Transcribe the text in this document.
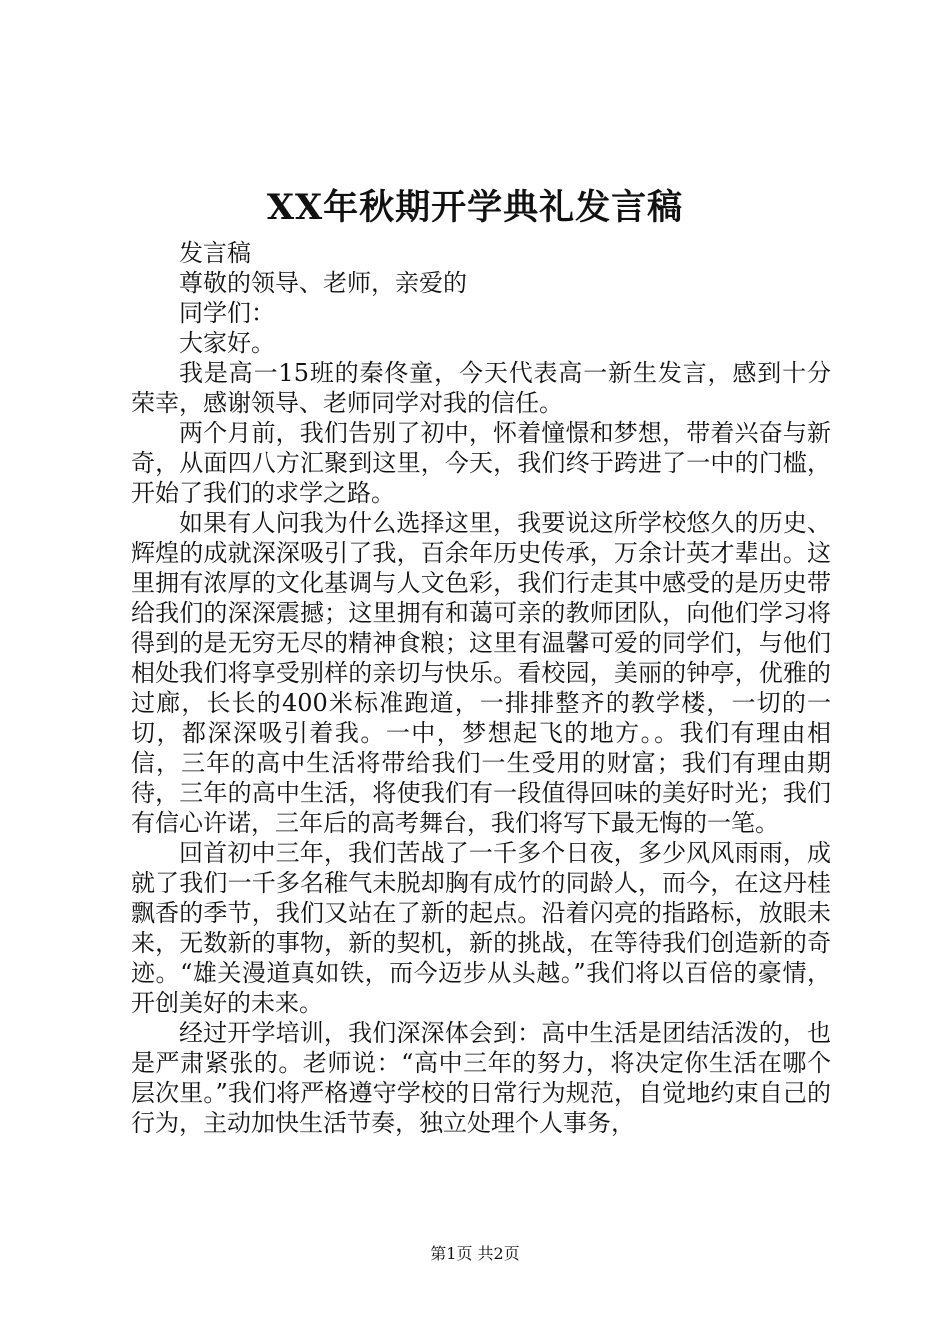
XX年秋期开学典礼发言稿

发言稿

尊敬的领导、老师，亲爱的

同学们：

大家好。

我是高一15班的秦佟童，今天代表高一新生发言，感到十分荣幸，感谢领导、老师同学对我的信任。

两个月前，我们告别了初中，怀着憧憬和梦想，带着兴奋与新奇，从面四八方汇聚到这里，今天，我们终于跨进了一中的门槛，开始了我们的求学之路。

如果有人问我为什么选择这里，我要说这所学校悠久的历史、辉煌的成就深深吸引了我，百余年历史传承，万余计英才辈出。这里拥有浓厚的文化基调与人文色彩，我们行走其中感受的是历史带给我们的深深震撼；这里拥有和蔼可亲的教师团队，向他们学习将得到的是无穷无尽的精神食粮；这里有温馨可爱的同学们，与他们相处我们将享受别样的亲切与快乐。看校园，美丽的钟亭，优雅的过廊，长长的400米标准跑道，一排排整齐的教学楼，一切的一切，都深深吸引着我。一中，梦想起飞的地方。。我们有理由相信，三年的高中生活将带给我们一生受用的财富；我们有理由期待，三年的高中生活，将使我们有一段值得回味的美好时光；我们有信心许诺，三年后的高考舞台，我们将写下最无悔的一笔。

回首初中三年，我们苦战了一千多个日夜，多少风风雨雨，成就了我们一千多名稚气未脱却胸有成竹的同龄人，而今，在这丹桂飘香的季节，我们又站在了新的起点。沿着闪亮的指路标，放眼未来，无数新的事物，新的契机，新的挑战，在等待我们创造新的奇迹。“雄关漫道真如铁，而今迈步从头越。”我们将以百倍的豪情，开创美好的未来。

经过开学培训，我们深深体会到：高中生活是团结活泼的，也是严肃紧张的。老师说：“高中三年的努力，将决定你生活在哪个层次里。”我们将严格遵守学校的日常行为规范，自觉地约束自己的行为，主动加快生活节奏，独立处理个人事务，

第1页 共2页
